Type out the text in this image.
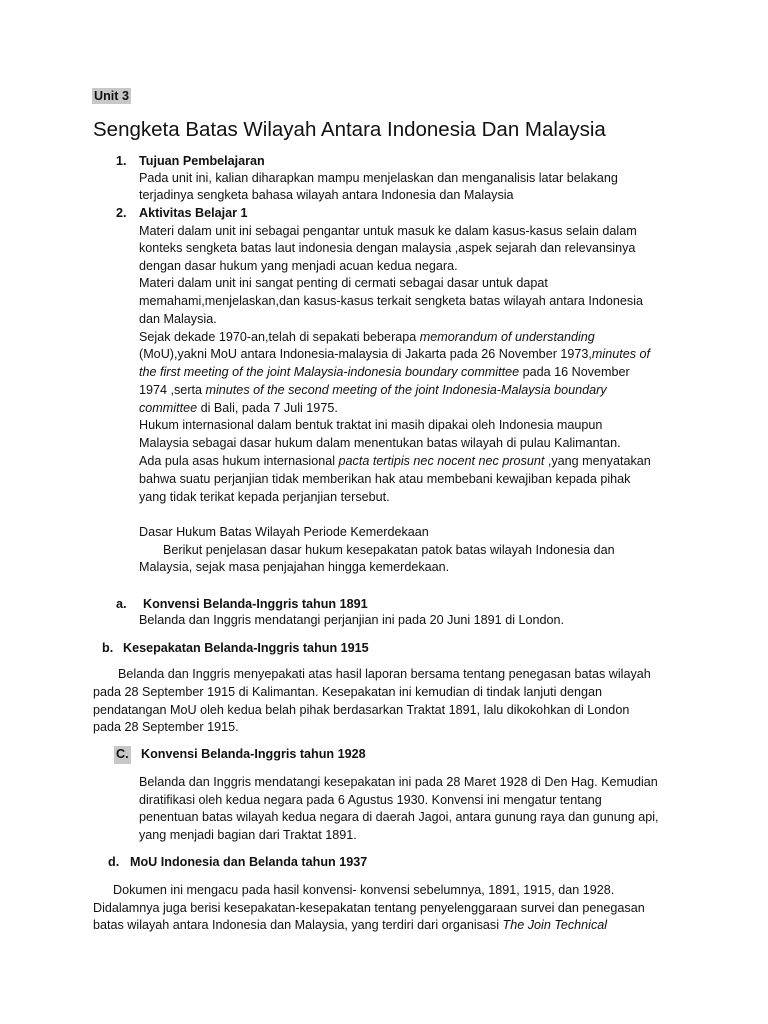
Unit 3
Sengketa Batas Wilayah Antara Indonesia Dan Malaysia
1. Tujuan Pembelajaran
Pada unit ini, kalian diharapkan mampu menjelaskan dan menganalisis latar belakang
terjadinya sengketa bahasa wilayah antara Indonesia dan Malaysia
2. Aktivitas Belajar 1
Materi dalam unit ini sebagai pengantar untuk masuk ke dalam kasus-kasus selain dalam
konteks sengketa batas laut indonesia dengan malaysia ,aspek sejarah dan relevansinya
dengan dasar hukum yang menjadi acuan kedua negara.
Materi dalam unit ini sangat penting di cermati sebagai dasar untuk dapat
memahami,menjelaskan,dan kasus-kasus terkait sengketa batas wilayah antara Indonesia
dan Malaysia.
Sejak dekade 1970-an,telah di sepakati beberapa memorandum of understanding
(MoU),yakni MoU antara Indonesia-malaysia di Jakarta pada 26 November 1973,minutes of
the first meeting of the joint Malaysia-indonesia boundary committee pada 16 November
1974 ,serta minutes of the second meeting of the joint Indonesia-Malaysia boundary
committee di Bali, pada 7 Juli 1975.
Hukum internasional dalam bentuk traktat ini masih dipakai oleh Indonesia maupun
Malaysia sebagai dasar hukum dalam menentukan batas wilayah di pulau Kalimantan.
Ada pula asas hukum internasional pacta tertipis nec nocent nec prosunt ,yang menyatakan
bahwa suatu perjanjian tidak memberikan hak atau membebani kewajiban kepada pihak
yang tidak terikat kepada perjanjian tersebut.
Dasar Hukum Batas Wilayah Periode Kemerdekaan
Berikut penjelasan dasar hukum kesepakatan patok batas wilayah Indonesia dan
Malaysia, sejak masa penjajahan hingga kemerdekaan.
a. Konvensi Belanda-Inggris tahun 1891
Belanda dan Inggris mendatangi perjanjian ini pada 20 Juni 1891 di London.
b. Kesepakatan Belanda-Inggris tahun 1915
Belanda dan Inggris menyepakati atas hasil laporan bersama tentang penegasan batas wilayah
pada 28 September 1915 di Kalimantan. Kesepakatan ini kemudian di tindak lanjuti dengan
pendatangan MoU oleh kedua belah pihak berdasarkan Traktat 1891, lalu dikokohkan di London
pada 28 September 1915.
C. Konvensi Belanda-Inggris tahun 1928
Belanda dan Inggris mendatangi kesepakatan ini pada 28 Maret 1928 di Den Hag. Kemudian
diratifikasi oleh kedua negara pada 6 Agustus 1930. Konvensi ini mengatur tentang
penentuan batas wilayah kedua negara di daerah Jagoi, antara gunung raya dan gunung api,
yang menjadi bagian dari Traktat 1891.
d. MoU Indonesia dan Belanda tahun 1937
Dokumen ini mengacu pada hasil konvensi- konvensi sebelumnya, 1891, 1915, dan 1928.
Didalamnya juga berisi kesepakatan-kesepakatan tentang penyelenggaraan survei dan penegasan
batas wilayah antara Indonesia dan Malaysia, yang terdiri dari organisasi The Join Technical
